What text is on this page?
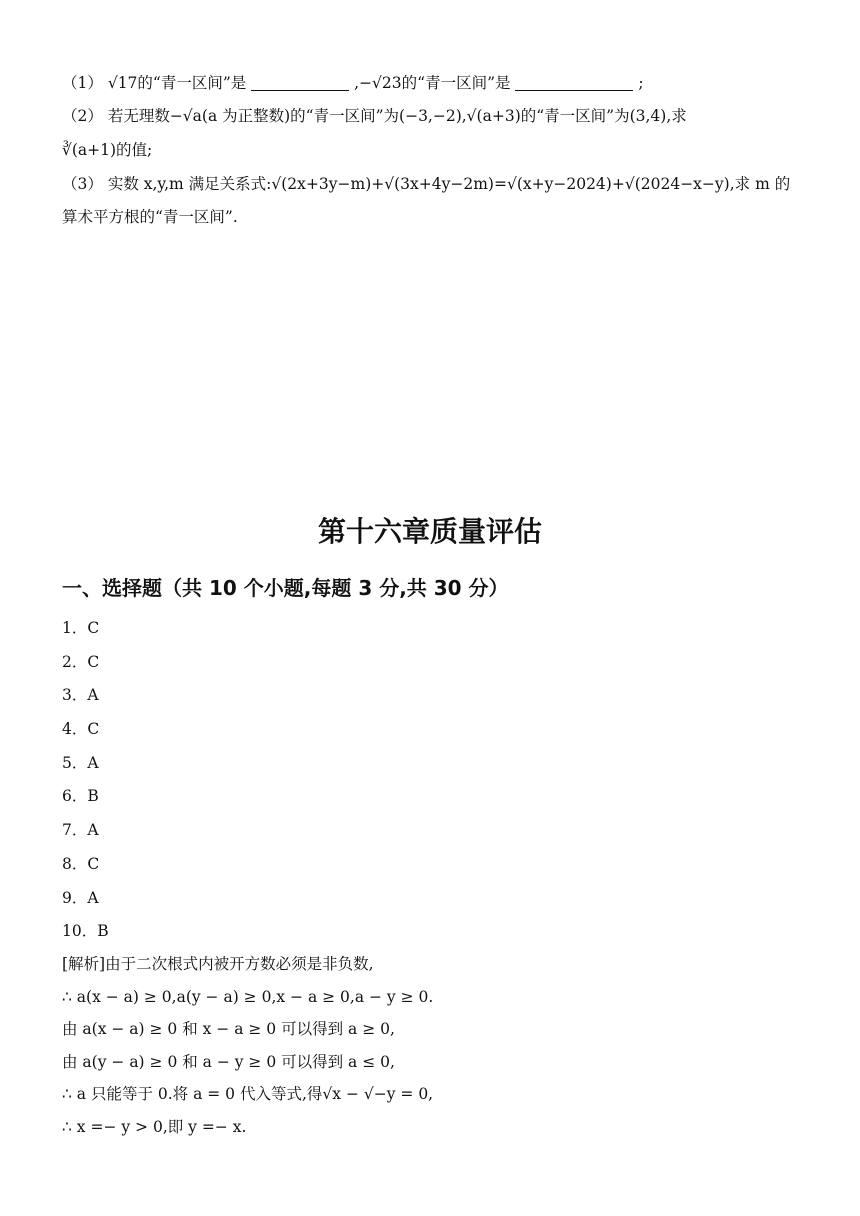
（1） √17的“青一区间”是	,−√23的“青一区间”是	;
（2） 若无理数−√a(a 为正整数)的“青一区间”为(−3,−2),√(a+3)的“青一区间”为(3,4),求
∛(a+1)的值;
（3） 实数 x,y,m 满足关系式:√(2x+3y−m)+√(3x+4y−2m)=√(x+y−2024)+√(2024−x−y),求 m 的
算术平方根的“青一区间”.
第十六章质量评估
一、选择题（共 10 个小题,每题 3 分,共 30 分）
1．C
2．C
3．A
4．C
5．A
6．B
7．A
8．C
9．A
10．B
[解析]由于二次根式内被开方数必须是非负数,
∴ a(x − a) ≥ 0,a(y − a) ≥ 0,x − a ≥ 0,a − y ≥ 0.
由 a(x − a) ≥ 0 和 x − a ≥ 0 可以得到 a ≥ 0,
由 a(y − a) ≥ 0 和 a − y ≥ 0 可以得到 a ≤ 0,
∴ a 只能等于 0.将 a = 0 代入等式,得√x − √−y = 0,
∴ x =− y > 0,即 y =− x.
